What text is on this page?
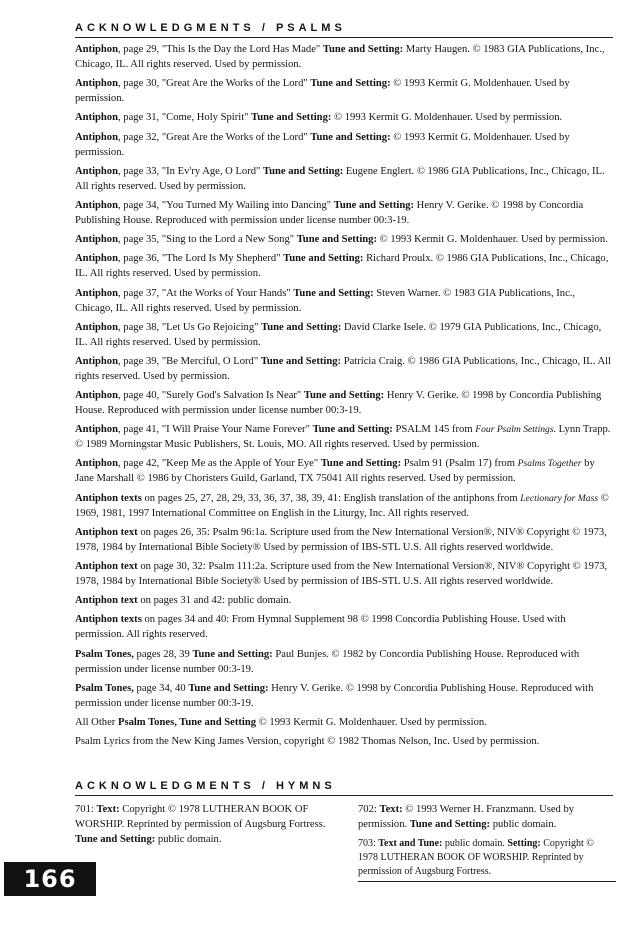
ACKNOWLEDGMENTS / PSALMS

Antiphon, page 29, "This Is the Day the Lord Has Made" Tune and Setting: Marty Haugen. © 1983 GIA Publications, Inc., Chicago, IL. All rights reserved. Used by permission.

Antiphon, page 30, "Great Are the Works of the Lord" Tune and Setting: © 1993 Kermit G. Moldenhauer. Used by permission.

Antiphon, page 31, "Come, Holy Spirit" Tune and Setting: © 1993 Kermit G. Moldenhauer. Used by permission.

Antiphon, page 32, "Great Are the Works of the Lord" Tune and Setting: © 1993 Kermit G. Moldenhauer. Used by permission.

Antiphon, page 33, "In Ev'ry Age, O Lord" Tune and Setting: Eugene Englert. © 1986 GIA Publications, Inc., Chicago, IL. All rights reserved. Used by permission.

Antiphon, page 34, "You Turned My Wailing into Dancing" Tune and Setting: Henry V. Gerike. © 1998 by Concordia Publishing House. Reproduced with permission under license number 00:3-19.

Antiphon, page 35, "Sing to the Lord a New Song" Tune and Setting: © 1993 Kermit G. Moldenhauer. Used by permission.

Antiphon, page 36, "The Lord Is My Shepherd" Tune and Setting: Richard Proulx. © 1986 GIA Publications, Inc., Chicago, IL. All rights reserved. Used by permission.

Antiphon, page 37, "At the Works of Your Hands" Tune and Setting: Steven Warner. © 1983 GIA Publications, Inc., Chicago, IL. All rights reserved. Used by permission.

Antiphon, page 38, "Let Us Go Rejoicing" Tune and Setting: David Clarke Isele. © 1979 GIA Publications, Inc., Chicago, IL. All rights reserved. Used by permission.

Antiphon, page 39, "Be Merciful, O Lord" Tune and Setting: Patricia Craig. © 1986 GIA Publications, Inc., Chicago, IL. All rights reserved. Used by permission.

Antiphon, page 40, "Surely God's Salvation Is Near" Tune and Setting: Henry V. Gerike. © 1998 by Concordia Publishing House. Reproduced with permission under license number 00:3-19.

Antiphon, page 41, "I Will Praise Your Name Forever" Tune and Setting: PSALM 145 from Four Psalm Settings. Lynn Trapp. © 1989 Morningstar Music Publishers, St. Louis, MO. All rights reserved. Used by permission.

Antiphon, page 42, "Keep Me as the Apple of Your Eye" Tune and Setting: Psalm 91 (Psalm 17) from Psalms Together by Jane Marshall © 1986 by Choristers Guild, Garland, TX 75041 All rights reserved. Used by permission.

Antiphon texts on pages 25, 27, 28, 29, 33, 36, 37, 38, 39, 41: English translation of the antiphons from Lectionary for Mass © 1969, 1981, 1997 International Committee on English in the Liturgy, Inc. All rights reserved.

Antiphon text on pages 26, 35: Psalm 96:1a. Scripture used from the New International Version®, NIV® Copyright © 1973, 1978, 1984 by International Bible Society® Used by permission of IBS-STL U.S. All rights reserved worldwide.

Antiphon text on page 30, 32: Psalm 111:2a. Scripture used from the New International Version®, NIV® Copyright © 1973, 1978, 1984 by International Bible Society® Used by permission of IBS-STL U.S. All rights reserved worldwide.

Antiphon text on pages 31 and 42: public domain.

Antiphon texts on pages 34 and 40: From Hymnal Supplement 98 © 1998 Concordia Publishing House. Used with permission. All rights reserved.

Psalm Tones, pages 28, 39 Tune and Setting: Paul Bunjes. © 1982 by Concordia Publishing House. Reproduced with permission under license number 00:3-19.

Psalm Tones, page 34, 40 Tune and Setting: Henry V. Gerike. © 1998 by Concordia Publishing House. Reproduced with permission under license number 00:3-19.

All Other Psalm Tones, Tune and Setting © 1993 Kermit G. Moldenhauer. Used by permission.

Psalm Lyrics from the New King James Version, copyright © 1982 Thomas Nelson, Inc. Used by permission.

ACKNOWLEDGMENTS / HYMNS

701: Text: Copyright © 1978 LUTHERAN BOOK OF WORSHIP. Reprinted by permission of Augsburg Fortress. Tune and Setting: public domain.

702: Text: © 1993 Werner H. Franzmann. Used by permission. Tune and Setting: public domain.

703: Text and Tune: public domain. Setting: Copyright © 1978 LUTHERAN BOOK OF WORSHIP. Reprinted by permission of Augsburg Fortress.

166
